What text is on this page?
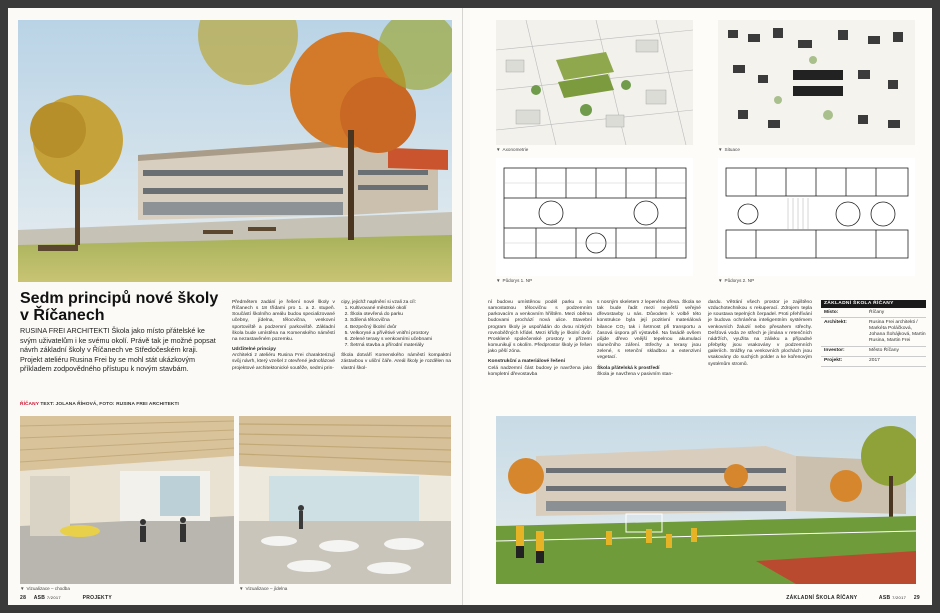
Sedm principů nové školy v Říčanech

RUSINA FREI ARCHITEKTI Škola jako místo přátelské ke svým uživatelům i ke svému okolí. Právě tak je možné popsat návrh základní školy v Říčanech ve Středočeském kraji. Projekt ateliéru Rusina Frei by se mohl stát ukázkovým příkladem zodpovědného přístupu k novým stavbám.

ŘÍČANY TEXT: JOLANA ŘÍHOVÁ, FOTO: RUSINA FREI ARCHITEKTI

Předmětem zadání je řešení nové školy v Říčanech s 18 třídami pro 1. a 2. stupeň. Součástí školního areálu budou specializované učebny, jídelna, tělocvična, venkovní sportoviště a podzemní parkoviště. Základní škola bude umístěna na Komenského náměstí na nezastavěném pozemku.

Udržitelné principy

Architekti z ateliéru Rusina Frei charakterizují svůj návrh, který vzešel z otevřené jednofázové projektové architektonické soutěže, sedmi prin-

cipy, jejichž naplnění si vzali za cíl:

1. Kultivované městské okolí
2. Škola otevřená do parku
3. Sdílená tělocvična
4. Bezpečný školní dvůr
5. Velkorysé a přívětivé vnitřní prostory
6. Zelené terasy s venkovními učebnami
7. Šetrná stavba a přírodní materiály

Škola dotváří Komenského náměstí kompaktní zástavbou v uliční čáře. Areál školy je rozdělen na vlastní škol-

▼ Vizualizace – chodba	▼ Vizualizace – jídelna
28 ASB 7/2017	PROJEKTY
▼ Axonometrie	▼ Situace
▼ Půdorys 1. NP	▼ Půdorys 2. NP

ní budovu umístěnou podél parku a na samostatnou tělocvičnu s podzemním parkovacím a venkovním hřištěm. Mezi oběma budovami prochází nová ulice. Stavební program školy je uspořádán do dvou nízkých rovnoběžných křídel. Mezi křídly je školní dvůr. Prosklené společenské prostory v přízemí komunikují s okolím. Předprostor školy je řešen jako pěší zóna.

Konstrukční a materiálové řešení

Celá nadzemní část budovy je navržena jako kompletní dřevostavba

s nosným skeletem z lepeného dřeva. Škola se tak bude řadit mezi největší veřejné dřevostavby u nás. Důvodem k volbě této konstrukce byla její pozitivní materiálová bilance CO₂ tak i šetrnost při transportu a časová úspora při výstavbě. Na fasádě ovšem půjde dřevo vnější tepelnou akumulaci slunečního záření. Střechy a terasy jsou zelené, s retenční skladbou a extenzivní vegetací.

Škola přátelská k prostředí

Škola je navržena v pasivním stan-

dardu. Větrání všech prostor je zajištěno vzduchotechnikou s rekuperací. Zdrojem tepla je soustava tepelných čerpadel. Proti přehřívání je budova ochráněna inteligentním systémem venkovních žaluzií nebo přesahem střechy. Dešťová voda ze střech je jímána v retenčních nádržích, využita na zálivku a případné přebytky jsou vsakovány v podzemních galeriích. Srážky na venkovních plochách jsou vsakovány do suchých polder a ke kořenovým systémům stromů.

ZÁKLADNÍ ŠKOLA ŘÍČANY
Místo:	Říčany
Architekt:	Rusina Frei architekti / Markéta Poláčková, Johana Šohájková, Martin Rusina, Martin Frei
Investor:	Město Říčany
Projekt:	2017
ZÁKLADNÍ ŠKOLA ŘÍČANY	ASB 7/2017 29
